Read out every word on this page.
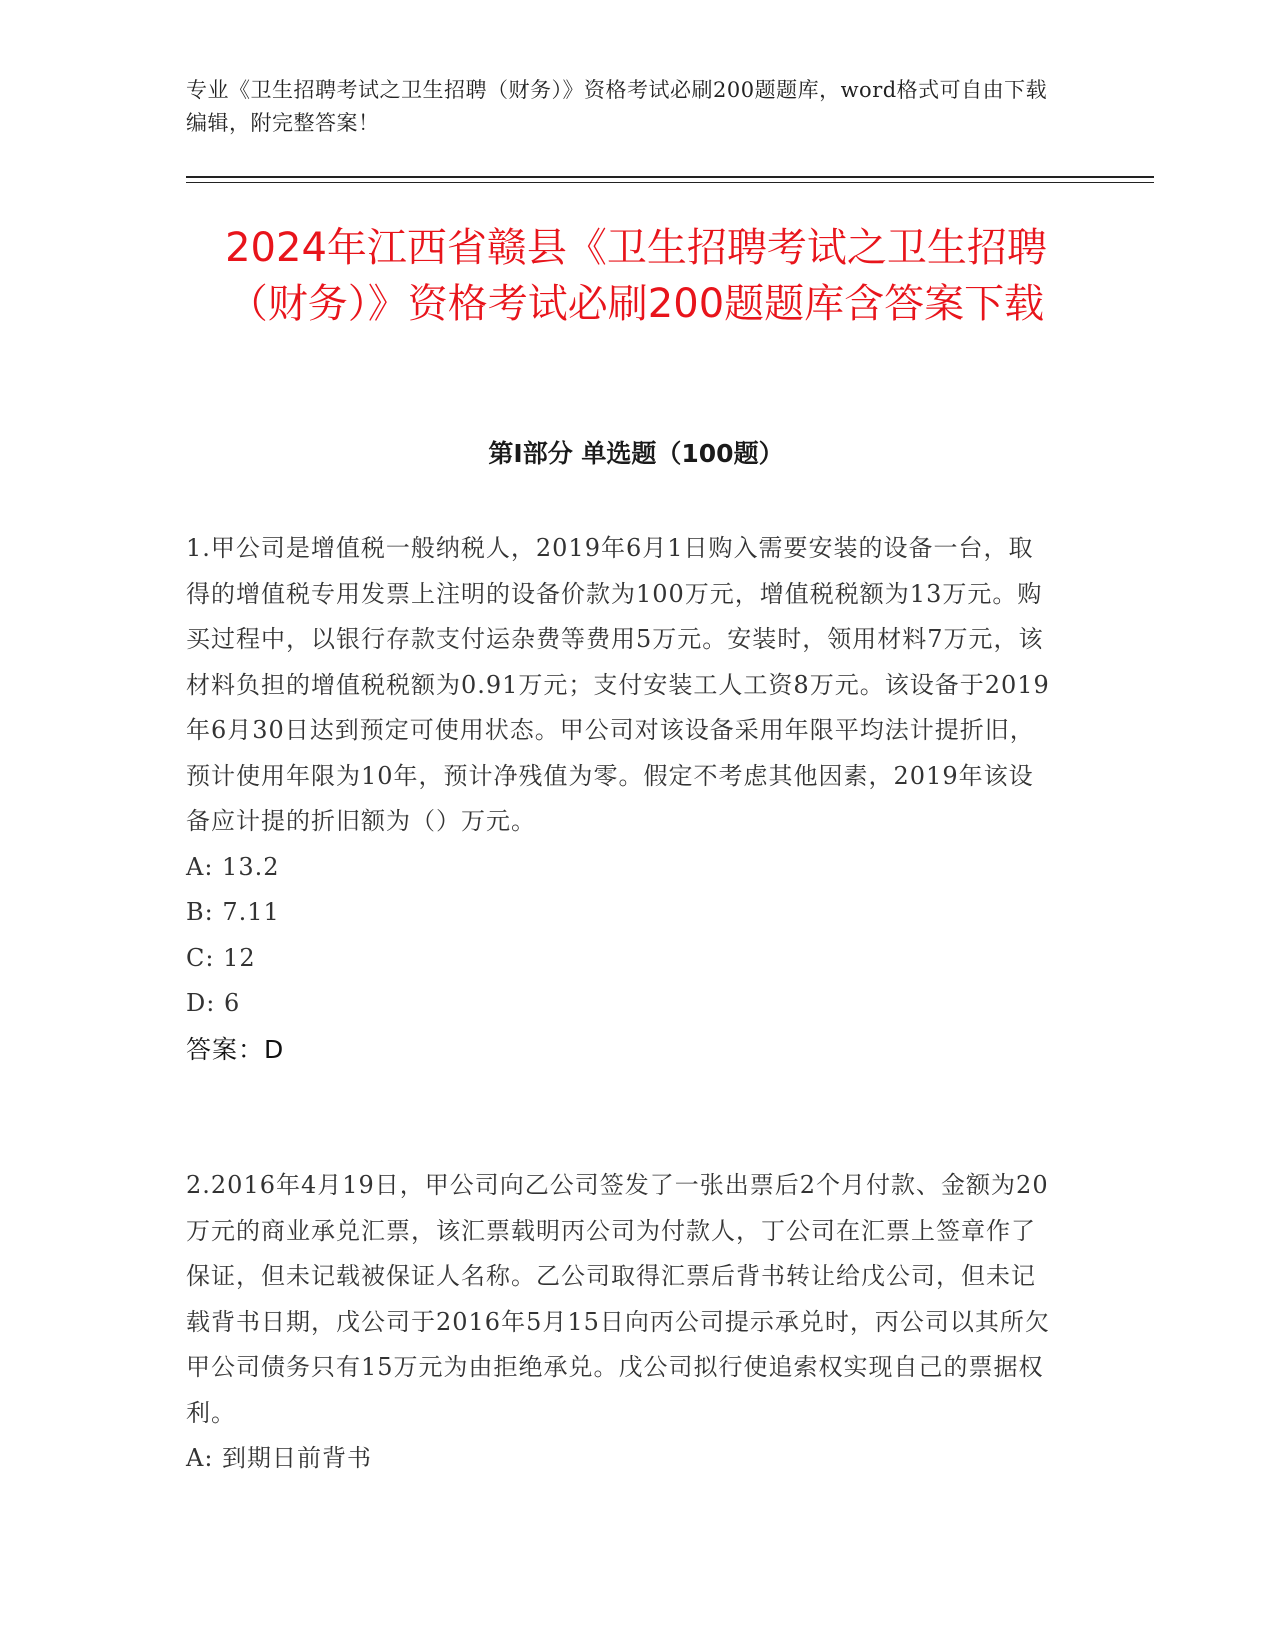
专业《卫生招聘考试之卫生招聘（财务）》资格考试必刷200题题库，word格式可自由下载编辑，附完整答案！
2024年江西省赣县《卫生招聘考试之卫生招聘（财务）》资格考试必刷200题题库含答案下载
第I部分 单选题（100题）

1.甲公司是增值税一般纳税人，2019年6月1日购入需要安装的设备一台，取得的增值税专用发票上注明的设备价款为100万元，增值税税额为13万元。购买过程中，以银行存款支付运杂费等费用5万元。安装时，领用材料7万元，该材料负担的增值税税额为0.91万元；支付安装工人工资8万元。该设备于2019年6月30日达到预定可使用状态。甲公司对该设备采用年限平均法计提折旧，预计使用年限为10年，预计净残值为零。假定不考虑其他因素，2019年该设备应计提的折旧额为（）万元。

A: 13.2

B: 7.11

C: 12

D: 6

答案：D

2.2016年4月19日，甲公司向乙公司签发了一张出票后2个月付款、金额为20万元的商业承兑汇票，该汇票载明丙公司为付款人，丁公司在汇票上签章作了保证，但未记载被保证人名称。乙公司取得汇票后背书转让给戊公司，但未记载背书日期，戊公司于2016年5月15日向丙公司提示承兑时，丙公司以其所欠甲公司债务只有15万元为由拒绝承兑。戊公司拟行使追索权实现自己的票据权利。

A: 到期日前背书
